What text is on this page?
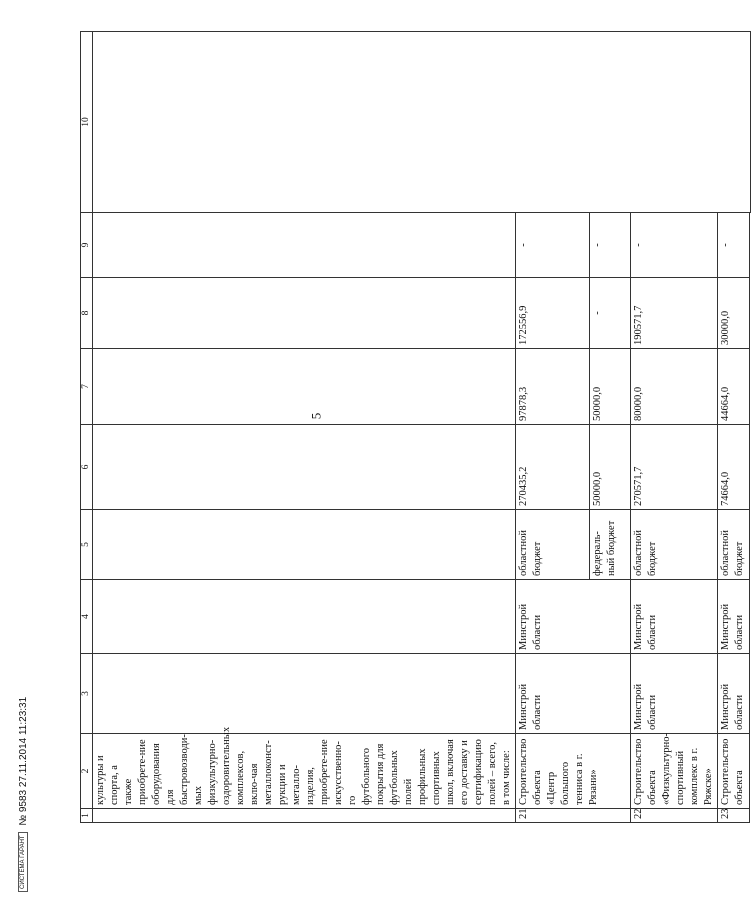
5
1	2	3	4	5	6	7	8	9	10
	культуры и спорта, а также приобрете-ние оборудования для быстровозводи-мых физкультурно-оздоровительных комплексов, вклю-чая металлоконст-рукции и металло-изделия, приобрете-ние искусственно-го футбольного покрытия для футбольных полей профильных спортивных школ, включая его доставку и сертификацию полей – всего, в том числе:								
21	Строительство объекта «Центр большого тенниса в г. Рязани»	Минстрой области	Минстрой области	областной бюджет	270435,2	97878,3	172556,9	-	
				федераль-ный бюджет	50000,0	50000,0	-	-	
22	Строительство объекта «Физкультурно-спортивный комплекс в г. Ряжске»	Минстрой области	Минстрой области	областной бюджет	270571,7	80000,0	190571,7	-	
23	Строительство объекта	Минстрой области	Минстрой области	областной бюджет	74664,0	44664,0	30000,0	-	

СИСТЕМА ГАРАНТ № 9583 27.11.2014 11:23:31
